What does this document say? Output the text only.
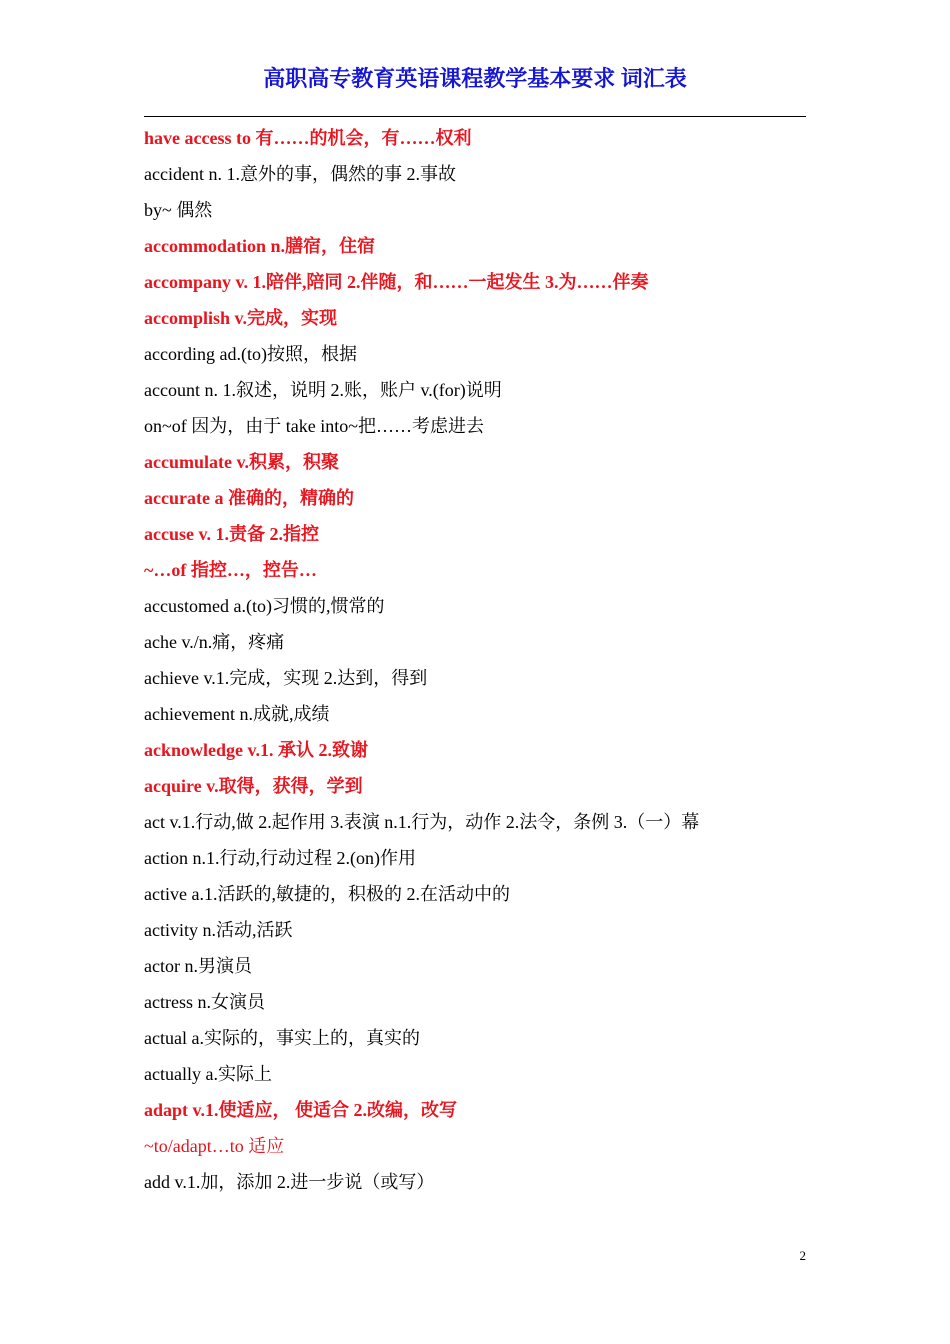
高职高专教育英语课程教学基本要求 词汇表
have access to 有……的机会，有……权利
accident n. 1.意外的事，偶然的事 2.事故
by~ 偶然
accommodation n.膳宿，住宿
accompany v. 1.陪伴,陪同 2.伴随，和……一起发生 3.为……伴奏
accomplish v.完成，实现
according ad.(to)按照，根据
account n. 1.叙述，说明 2.账，账户 v.(for)说明
on~of 因为，由于 take into~把……考虑进去
accumulate v.积累，积聚
accurate a 准确的，精确的
accuse v. 1.责备 2.指控
~…of 指控…，控告…
accustomed a.(to)习惯的,惯常的
ache v./n.痛，疼痛
achieve v.1.完成，实现 2.达到，得到
achievement n.成就,成绩
acknowledge v.1. 承认 2.致谢
acquire v.取得，获得，学到
act v.1.行动,做 2.起作用 3.表演 n.1.行为，动作 2.法令，条例 3.（一）幕
action n.1.行动,行动过程 2.(on)作用
active a.1.活跃的,敏捷的，积极的 2.在活动中的
activity n.活动,活跃
actor n.男演员
actress n.女演员
actual a.实际的，事实上的，真实的
actually a.实际上
adapt v.1.使适应， 使适合 2.改编，改写
~to/adapt…to 适应
add v.1.加，添加 2.进一步说（或写）
2
